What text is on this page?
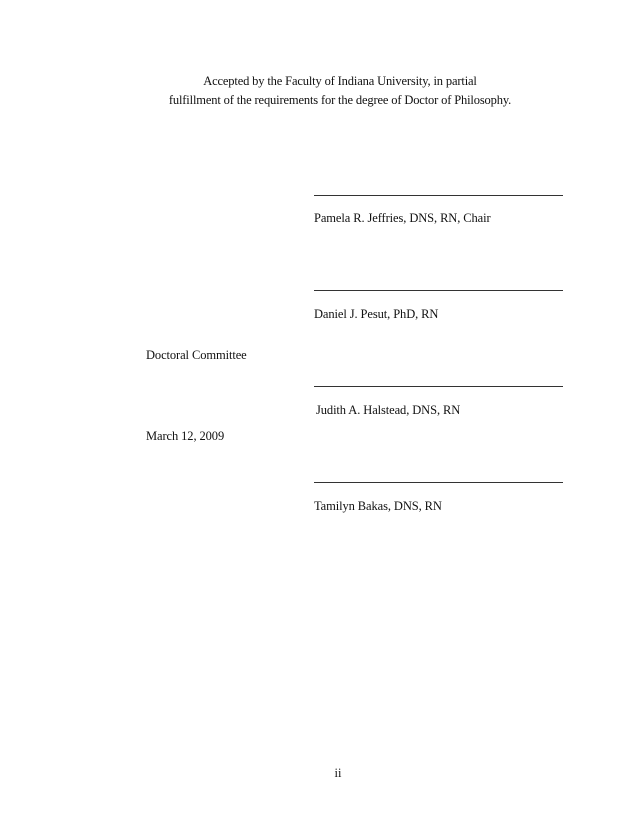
Accepted by the Faculty of Indiana University, in partial
fulfillment of the requirements for the degree of Doctor of Philosophy.
Pamela R. Jeffries, DNS, RN, Chair
Daniel J. Pesut, PhD, RN
Doctoral Committee
Judith A. Halstead, DNS, RN
March 12, 2009
Tamilyn Bakas, DNS, RN
ii
